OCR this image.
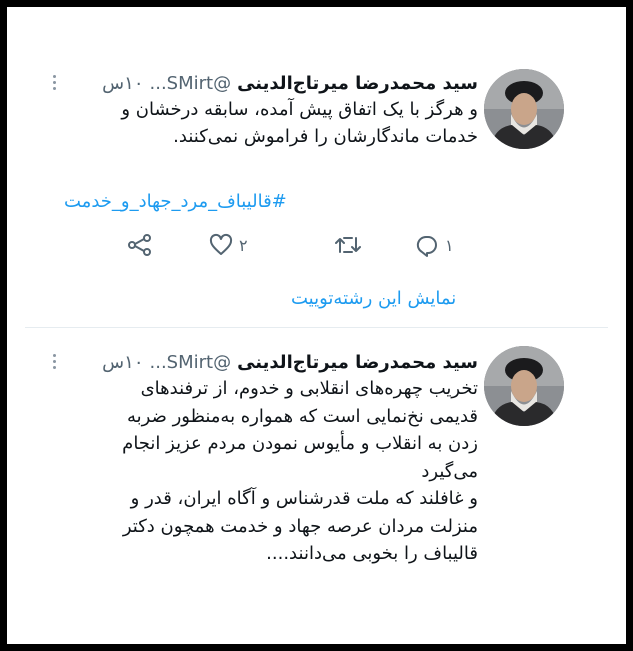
سید محمدرضا میرتاج‌الدینی
...SMirt@
۱۰س
و هرگز با یک اتفاق پیش آمده، سابقه درخشان و
خدمات ماندگارشان را فراموش نمی‌کنند.
#قالیباف_مرد_جهاد_و_خدمت
۱
۲
نمایش این رشته‌توییت
سید محمدرضا میرتاج‌الدینی
...SMirt@
۱۰س
تخریب چهره‌های انقلابی و خدوم، از ترفندهای
قدیمی نخ‌نمایی است که همواره به‌منظور ضربه
زدن به انقلاب و مأیوس نمودن مردم عزیز انجام
می‌گیرد
و غافلند که ملت قدرشناس و آگاه ایران، قدر و
منزلت مردان عرصه جهاد و خدمت همچون دکتر
قالیباف را بخوبی می‌دانند....
